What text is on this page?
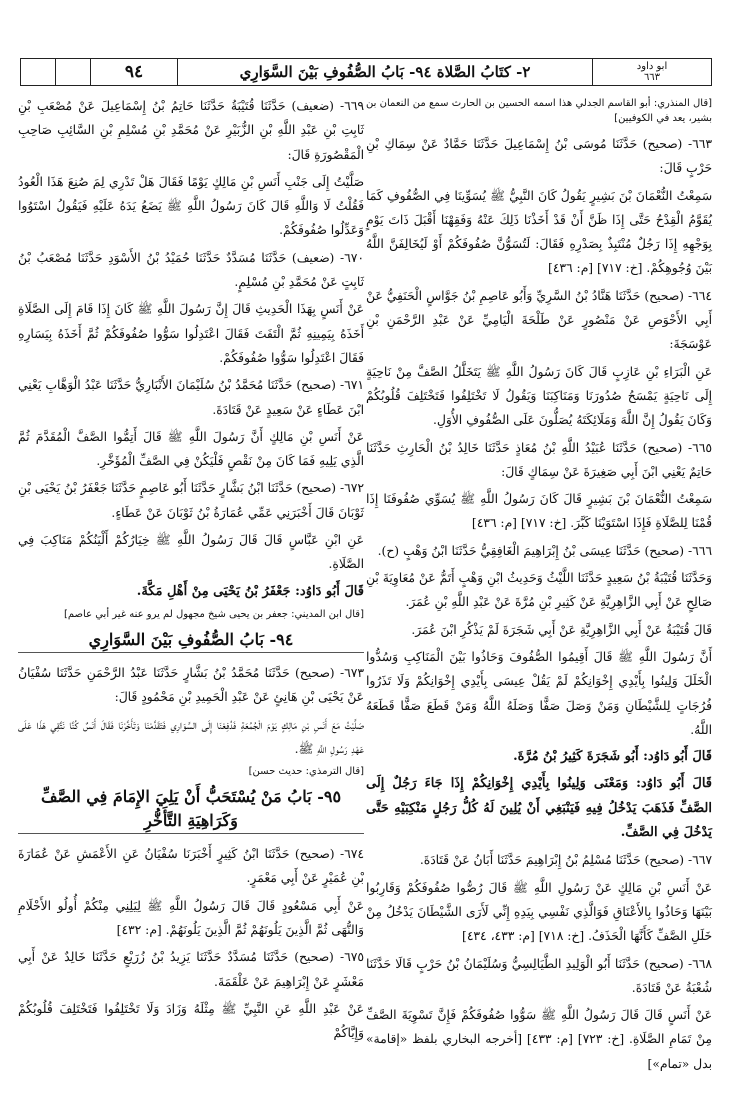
٩٤	٢- كتَابُ الصَّلاة ٩٤- بَابُ الصُّفُوفِ بَيْنَ السَّوَارِي	ابو داود
٦٦٣

[قال المنذري: أبو القاسم الجدلي هذا اسمه الحسين بن الحارث سمع من النعمان بن بشير، يعد في الكوفيين]

٦٦٣- (صحيح) حَدَّثَنَا مُوسَى بْنُ إِسْمَاعِيلَ حَدَّثَنَا حَمَّادٌ عَنْ سِمَاكِ بْنِ حَرْبٍ قَالَ:

سَمِعْتُ النُّعْمَانَ بْنَ بَشِيرٍ يَقُولُ كَانَ النَّبِيُّ ﷺ يُسَوِّينَا فِي الصُّفُوفِ كَمَا يُقَوَّمُ الْقِدْحُ حَتَّى إِذَا ظَنَّ أَنْ قَدْ أَخَذْنَا ذَلِكَ عَنْهُ وَفَقِهْنَا أَقْبَلَ ذَاتَ يَوْمٍ بِوَجْهِهِ إِذَا رَجُلٌ مُنْتَبِذٌ بِصَدْرِهِ فَقَالَ: لَتُسَوُّنَّ صُفُوفَكُمْ أَوْ لَيُخَالِفَنَّ اللَّهُ بَيْنَ وُجُوهِكُمْ. [خ: ٧١٧] [م: ٤٣٦]

٦٦٤- (صحيح) حَدَّثَنَا هَنَّادُ بْنُ السَّرِيِّ وَأَبُو عَاصِمِ بْنُ جَوَّاسٍ الْحَنَفِيُّ عَنْ أَبِي الأَحْوَصِ عَنْ مَنْصُورٍ عَنْ طَلْحَةَ الْيَامِيِّ عَنْ عَبْدِ الرَّحْمَنِ بْنِ عَوْسَجَةَ:

عَنِ الْبَرَاءِ بْنِ عَازِبٍ قَالَ كَانَ رَسُولُ اللَّهِ ﷺ يَتَخَلَّلُ الصَّفَّ مِنْ نَاحِيَةٍ إِلَى نَاحِيَةٍ يَمْسَحُ صُدُورَنَا وَمَنَاكِبَنَا وَيَقُولُ لَا تَخْتَلِفُوا فَتَخْتَلِفَ قُلُوبُكُمْ وَكَانَ يَقُولُ إِنَّ اللَّهَ وَمَلَائِكَتَهُ يُصَلُّونَ عَلَى الصُّفُوفِ الأُوَلِ.

٦٦٥- (صحيح) حَدَّثَنَا عُبَيْدُ اللَّهِ بْنُ مُعَاذٍ حَدَّثَنَا خَالِدُ بْنُ الْحَارِثِ حَدَّثَنَا حَاتِمٌ يَعْنِي ابْنَ أَبِي صَغِيرَةَ عَنْ سِمَاكٍ قَالَ:

سَمِعْتُ النُّعْمَانَ بْنَ بَشِيرٍ قَالَ كَانَ رَسُولُ اللَّهِ ﷺ يُسَوِّي صُفُوفَنَا إِذَا قُمْنَا لِلصَّلَاةِ فَإِذَا اسْتَوَيْنَا كَبَّرَ. [خ: ٧١٧] [م: ٤٣٦]

٦٦٦- (صحيح) حَدَّثَنَا عِيسَى بْنُ إِبْرَاهِيمَ الْغَافِقِيُّ حَدَّثَنَا ابْنُ وَهْبٍ (ح).

وَحَدَّثَنَا قُتَيْبَةُ بْنُ سَعِيدٍ حَدَّثَنَا اللَّيْثُ وَحَدِيثُ ابْنِ وَهْبٍ أَتَمُّ عَنْ مُعَاوِيَةَ بْنِ صَالِحٍ عَنْ أَبِي الزَّاهِرِيَّةِ عَنْ كَثِيرِ بْنِ مُرَّةَ عَنْ عَبْدِ اللَّهِ بْنِ عُمَرَ.

قَالَ قُتَيْبَةُ عَنْ أَبِي الزَّاهِرِيَّةِ عَنْ أَبِي شَجَرَةَ لَمْ يَذْكُرِ ابْنَ عُمَرَ.

أَنَّ رَسُولَ اللَّهِ ﷺ قَالَ أَقِيمُوا الصُّفُوفَ وَحَاذُوا بَيْنَ الْمَنَاكِبِ وَسُدُّوا الْخَلَلَ وَلِينُوا بِأَيْدِي إِخْوَانِكُمْ لَمْ يَقُلْ عِيسَى بِأَيْدِي إِخْوَانِكُمْ وَلَا تَذَرُوا فُرُجَاتٍ لِلشَّيْطَانِ وَمَنْ وَصَلَ صَفًّا وَصَلَهُ اللَّهُ وَمَنْ قَطَعَ صَفًّا قَطَعَهُ اللَّهُ.

قَالَ أَبُو دَاوُد: أَبُو شَجَرَةَ كَثِيرُ بْنُ مُرَّةَ.

قَالَ أَبُو دَاوُد: وَمَعْنَى وَلِينُوا بِأَيْدِي إِخْوَانِكُمْ إِذَا جَاءَ رَجُلٌ إِلَى الصَّفِّ فَذَهَبَ يَدْخُلُ فِيهِ فَيَنْبَغِي أَنْ يُلِينَ لَهُ كُلُّ رَجُلٍ مَنْكِبَيْهِ حَتَّى يَدْخُلَ فِي الصَّفِّ.

٦٦٧- (صحيح) حَدَّثَنَا مُسْلِمُ بْنُ إِبْرَاهِيمَ حَدَّثَنَا أَبَانُ عَنْ قَتَادَةَ.

عَنْ أَنَسِ بْنِ مَالِكٍ عَنْ رَسُولِ اللَّهِ ﷺ قَالَ رُصُّوا صُفُوفَكُمْ وَقَارِبُوا بَيْنَهَا وَحَاذُوا بِالأَعْنَاقِ فَوَالَّذِي نَفْسِي بِيَدِهِ إِنِّي لَأَرَى الشَّيْطَانَ يَدْخُلُ مِنْ خَلَلِ الصَّفِّ كَأَنَّهَا الْحَذَفُ. [خ: ٧١٨] [م: ٤٣٣، ٤٣٤]

٦٦٨- (صحيح) حَدَّثَنَا أَبُو الْوَلِيدِ الطَّيَالِسِيُّ وَسُلَيْمَانُ بْنُ حَرْبٍ قَالَا حَدَّثَنَا شُعْبَةُ عَنْ قَتَادَةَ.

عَنْ أَنَسٍ قَالَ قَالَ رَسُولُ اللَّهِ ﷺ سَوُّوا صُفُوفَكُمْ فَإِنَّ تَسْوِيَةَ الصَّفِّ مِنْ تَمَامِ الصَّلَاةِ. [خ: ٧٢٣] [م: ٤٣٣] [أخرجه البخاري بلفظ «إقامة» بدل «تمام»]

٦٦٩- (ضعيف) حَدَّثَنَا قُتَيْبَةُ حَدَّثَنَا حَاتِمُ بْنُ إِسْمَاعِيلَ عَنْ مُصْعَبِ بْنِ ثَابِتِ بْنِ عَبْدِ اللَّهِ بْنِ الزُّبَيْرِ عَنْ مُحَمَّدِ بْنِ مُسْلِمِ بْنِ السَّائِبِ صَاحِبِ الْمَقْصُورَةِ قَالَ:

صَلَّيْتُ إِلَى جَنْبِ أَنَسِ بْنِ مَالِكٍ يَوْمًا فَقَالَ هَلْ تَدْرِي لِمَ صُنِعَ هَذَا الْعُودُ فَقُلْتُ لَا وَاللَّهِ قَالَ كَانَ رَسُولُ اللَّهِ ﷺ يَضَعُ يَدَهُ عَلَيْهِ فَيَقُولُ اسْتَوُوا وَعَدِّلُوا صُفُوفَكُمْ.

٦٧٠- (ضعيف) حَدَّثَنَا مُسَدَّدٌ حَدَّثَنَا حُمَيْدُ بْنُ الأَسْوَدِ حَدَّثَنَا مُصْعَبُ بْنُ ثَابِتٍ عَنْ مُحَمَّدِ بْنِ مُسْلِمٍ.

عَنْ أَنَسٍ بِهَذَا الْحَدِيثِ قَالَ إِنَّ رَسُولَ اللَّهِ ﷺ كَانَ إِذَا قَامَ إِلَى الصَّلَاةِ أَخَذَهُ بِيَمِينِهِ ثُمَّ الْتَفَتَ فَقَالَ اعْتَدِلُوا سَوُّوا صُفُوفَكُمْ ثُمَّ أَخَذَهُ بِيَسَارِهِ فَقَالَ اعْتَدِلُوا سَوُّوا صُفُوفَكُمْ.

٦٧١- (صحيح) حَدَّثَنَا مُحَمَّدُ بْنُ سُلَيْمَانَ الأَنْبَارِيُّ حَدَّثَنَا عَبْدُ الْوَهَّابِ يَعْنِي ابْنَ عَطَاءٍ عَنْ سَعِيدٍ عَنْ قَتَادَةَ.

عَنْ أَنَسِ بْنِ مَالِكٍ أَنَّ رَسُولَ اللَّهِ ﷺ قَالَ أَتِمُّوا الصَّفَّ الْمُقَدَّمَ ثُمَّ الَّذِي يَلِيهِ فَمَا كَانَ مِنْ نَقْصٍ فَلْيَكُنْ فِي الصَّفِّ الْمُؤَخَّرِ.

٦٧٢- (صحيح) حَدَّثَنَا ابْنُ بَشَّارٍ حَدَّثَنَا أَبُو عَاصِمٍ حَدَّثَنَا جَعْفَرُ بْنُ يَحْيَى بْنِ ثَوْبَانَ قَالَ أَخْبَرَنِي عَمِّي عُمَارَةُ بْنُ ثَوْبَانَ عَنْ عَطَاءٍ.

عَنِ ابْنِ عَبَّاسٍ قَالَ قَالَ رَسُولُ اللَّهِ ﷺ خِيَارُكُمْ أَلْيَنُكُمْ مَنَاكِبَ فِي الصَّلَاةِ.

قَالَ أَبُو دَاوُد: جَعْفَرُ بْنُ يَحْيَى مِنْ أَهْلِ مَكَّةَ.

[قال ابن المديني: جعفر بن يحيى شيخ مجهول لم يرو عنه غير أبي عاصم]

٩٤- بَابُ الصُّفُوفِ بَيْنَ السَّوَارِي

٦٧٣- (صحيح) حَدَّثَنَا مُحَمَّدُ بْنُ بَشَّارٍ حَدَّثَنَا عَبْدُ الرَّحْمَنِ حَدَّثَنَا سُفْيَانُ عَنْ يَحْيَى بْنِ هَانِئٍ عَنْ عَبْدِ الْحَمِيدِ بْنِ مَحْمُودٍ قَالَ:

صَلَّيْتُ مَعَ أَنَسِ بْنِ مَالِكٍ يَوْمَ الْجُمُعَةِ فَدُفِعْنَا إِلَى السَّوَارِي فَتَقَدَّمْنَا وَتَأَخَّرْنَا فَقَالَ أَنَسٌ كُنَّا نَتَّقِي هَذَا عَلَى عَهْدِ رَسُولِ اللَّهِ ﷺ.

[قال الترمذي: حديث حسن]

٩٥- بَابُ مَنْ يُسْتَحَبُّ أَنْ يَلِيَ الإِمَامَ فِي الصَّفِّ وَكَرَاهِيَةِ التَّأَخُّرِ

٦٧٤- (صحيح) حَدَّثَنَا ابْنُ كَثِيرٍ أَخْبَرَنَا سُفْيَانُ عَنِ الأَعْمَشِ عَنْ عُمَارَةَ بْنِ عُمَيْرٍ عَنْ أَبِي مَعْمَرٍ.

عَنْ أَبِي مَسْعُودٍ قَالَ قَالَ رَسُولُ اللَّهِ ﷺ لِيَلِنِي مِنْكُمْ أُولُو الأَحْلَامِ وَالنُّهَى ثُمَّ الَّذِينَ يَلُونَهُمْ ثُمَّ الَّذِينَ يَلُونَهُمْ. [م: ٤٣٢]

٦٧٥- (صحيح) حَدَّثَنَا مُسَدَّدٌ حَدَّثَنَا يَزِيدُ بْنُ زُرَيْعٍ حَدَّثَنَا خَالِدٌ عَنْ أَبِي مَعْشَرٍ عَنْ إِبْرَاهِيمَ عَنْ عَلْقَمَةَ.

عَنْ عَبْدِ اللَّهِ عَنِ النَّبِيِّ ﷺ مِثْلَهُ وَزَادَ وَلَا تَخْتَلِفُوا فَتَخْتَلِفَ قُلُوبُكُمْ وَإِيَّاكُمْ
